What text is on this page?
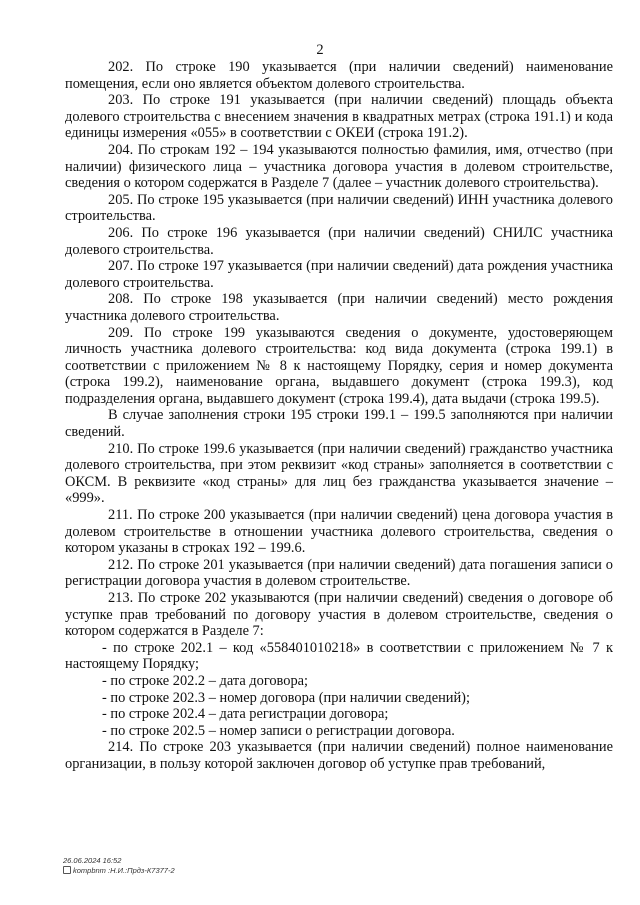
2

202. По строке 190 указывается (при наличии сведений) наименование помещения, если оно является объектом долевого строительства.

203. По строке 191 указывается (при наличии сведений) площадь объекта долевого строительства с внесением значения в квадратных метрах (строка 191.1) и кода единицы измерения «055» в соответствии с ОКЕИ (строка 191.2).

204. По строкам 192 – 194 указываются полностью фамилия, имя, отчество (при наличии) физического лица – участника договора участия в долевом строительстве, сведения о котором содержатся в Разделе 7 (далее – участник долевого строительства).

205. По строке 195 указывается (при наличии сведений) ИНН участника долевого строительства.

206. По строке 196 указывается (при наличии сведений) СНИЛС участника долевого строительства.

207. По строке 197 указывается (при наличии сведений) дата рождения участника долевого строительства.

208. По строке 198 указывается (при наличии сведений) место рождения участника долевого строительства.

209. По строке 199 указываются сведения о документе, удостоверяющем личность участника долевого строительства: код вида документа (строка 199.1) в соответствии с приложением № 8 к настоящему Порядку, серия и номер документа (строка 199.2), наименование органа, выдавшего документ (строка 199.3), код подразделения органа, выдавшего документ (строка 199.4), дата выдачи (строка 199.5).

В случае заполнения строки 195 строки 199.1 – 199.5 заполняются при наличии сведений.

210. По строке 199.6 указывается (при наличии сведений) гражданство участника долевого строительства, при этом реквизит «код страны» заполняется в соответствии с ОКСМ. В реквизите «код страны» для лиц без гражданства указывается значение – «999».

211. По строке 200 указывается (при наличии сведений) цена договора участия в долевом строительстве в отношении участника долевого строительства, сведения о котором указаны в строках 192 – 199.6.

212. По строке 201 указывается (при наличии сведений) дата погашения записи о регистрации договора участия в долевом строительстве.

213. По строке 202 указываются (при наличии сведений) сведения о договоре об уступке прав требований по договору участия в долевом строительстве, сведения о котором содержатся в Разделе 7:

- по строке 202.1 – код «558401010218» в соответствии с приложением № 7 к настоящему Порядку;

- по строке 202.2 – дата договора;

- по строке 202.3 – номер договора (при наличии сведений);

- по строке 202.4 – дата регистрации договора;

- по строке 202.5 – номер записи о регистрации договора.

214. По строке 203 указывается (при наличии сведений) полное наименование организации, в пользу которой заключен договор об уступке прав требований,

26.06.2024 16:52
kompbnm :Н.И.:Прдз-К7377-2
